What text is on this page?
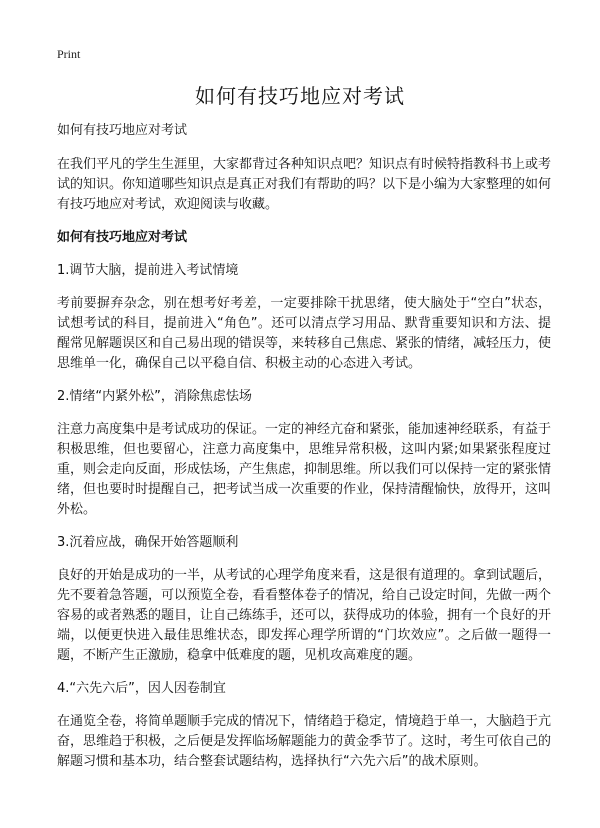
Print
如何有技巧地应对考试

如何有技巧地应对考试

在我们平凡的学生生涯里，大家都背过各种知识点吧？知识点有时候特指教科书上或考试的知识。你知道哪些知识点是真正对我们有帮助的吗？以下是小编为大家整理的如何有技巧地应对考试，欢迎阅读与收藏。

如何有技巧地应对考试

1.调节大脑，提前进入考试情境

考前要摒弃杂念，别在想考好考差，一定要排除干扰思绪，使大脑处于“空白”状态，试想考试的科目，提前进入“角色”。还可以清点学习用品、默背重要知识和方法、提醒常见解题误区和自己易出现的错误等，来转移自己焦虑、紧张的情绪，减轻压力，使思维单一化，确保自己以平稳自信、积极主动的心态进入考试。

2.情绪“内紧外松”，消除焦虑怯场

注意力高度集中是考试成功的保证。一定的神经亢奋和紧张，能加速神经联系，有益于积极思维，但也要留心，注意力高度集中，思维异常积极，这叫内紧;如果紧张程度过重，则会走向反面，形成怯场，产生焦虑，抑制思维。所以我们可以保持一定的紧张情绪，但也要时时提醒自己，把考试当成一次重要的作业，保持清醒愉快，放得开，这叫外松。

3.沉着应战，确保开始答题顺利

良好的开始是成功的一半，从考试的心理学角度来看，这是很有道理的。拿到试题后，先不要着急答题，可以预览全卷，看看整体卷子的情况，给自己设定时间，先做一两个容易的或者熟悉的题目，让自己练练手，还可以，获得成功的体验，拥有一个良好的开端，以便更快进入最佳思维状态，即发挥心理学所谓的“门坎效应”。之后做一题得一题，不断产生正激励，稳拿中低难度的题，见机攻高难度的题。

4.“六先六后”，因人因卷制宜

在通览全卷，将简单题顺手完成的情况下，情绪趋于稳定，情境趋于单一，大脑趋于亢奋，思维趋于积极，之后便是发挥临场解题能力的黄金季节了。这时，考生可依自己的解题习惯和基本功，结合整套试题结构，选择执行“六先六后”的战术原则。
